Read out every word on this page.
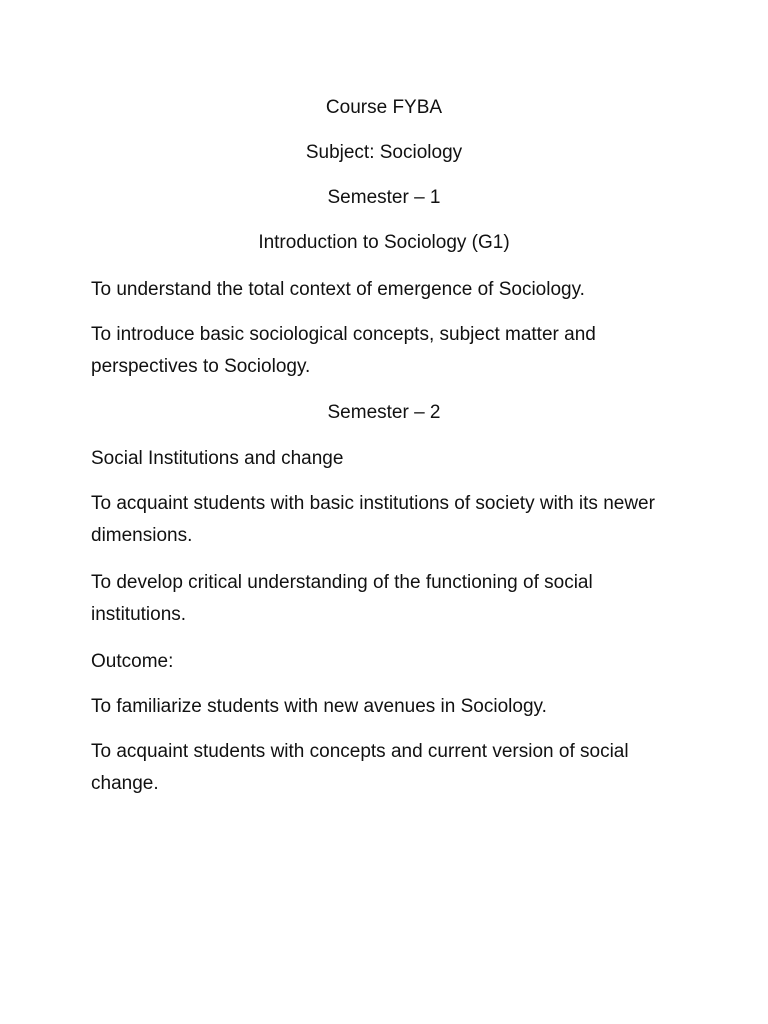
Course FYBA
Subject: Sociology
Semester – 1
Introduction to Sociology (G1)
To understand the total context of emergence of Sociology.
To introduce basic sociological concepts, subject matter and perspectives to Sociology.
Semester – 2
Social Institutions and change
To acquaint students with basic institutions of society with its newer dimensions.
To develop critical understanding of the functioning of social institutions.
Outcome:
To familiarize students with new avenues in Sociology.
To acquaint students with concepts and current version of social change.
